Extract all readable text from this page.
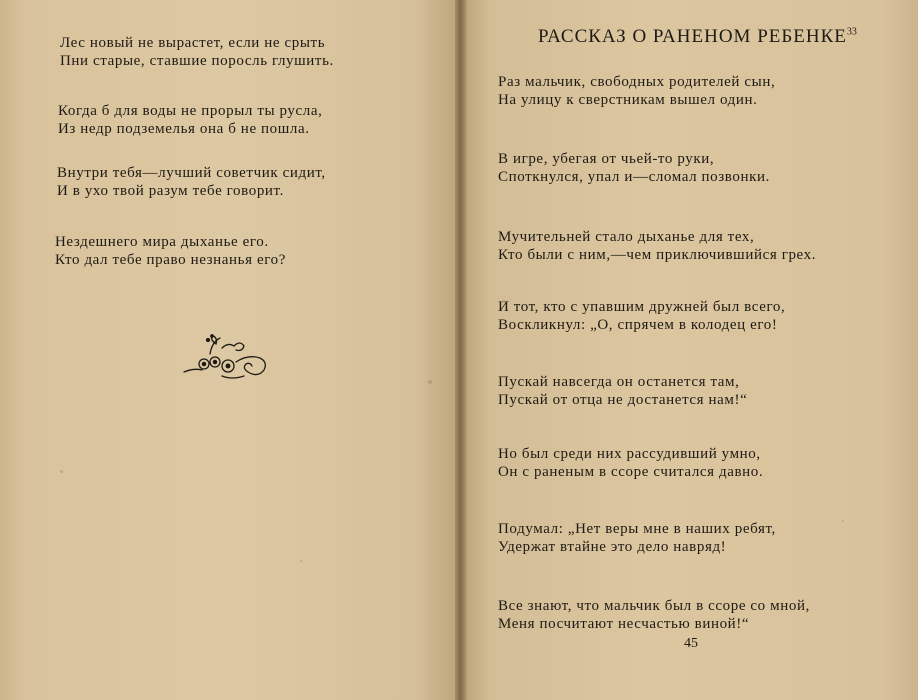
Лес новый не вырастет, если не срыть
Пни старые, ставшие поросль глушить.

Когда б для воды не прорыл ты русла,
Из недр подземелья она б не пошла.

Внутри тебя—лучший советчик сидит,
И в ухо твой разум тебе говорит.

Нездешнего мира дыханье его.
Кто дал тебе право незнанья его?

РАССКАЗ О РАНЕНОМ РЕБЕНКЕ$^{33}$

Раз мальчик, свободных родителей сын,
На улицу к сверстникам вышел один.

В игре, убегая от чьей-то руки,
Споткнулся, упал и—сломал позвонки.

Мучительней стало дыханье для тех,
Кто были с ним,—чем приключившийся грех.

И тот, кто с упавшим дружней был всего,
Воскликнул: „О, спрячем в колодец его!

Пускай навсегда он останется там,
Пускай от отца не достанется нам!“

Но был среди них рассудивший умно,
Он с раненым в ссоре считался давно.

Подумал: „Нет веры мне в наших ребят,
Удержат втайне это дело навряд!

Все знают, что мальчик был в ссоре со мной,
Меня посчитают несчастью виной!“

45
